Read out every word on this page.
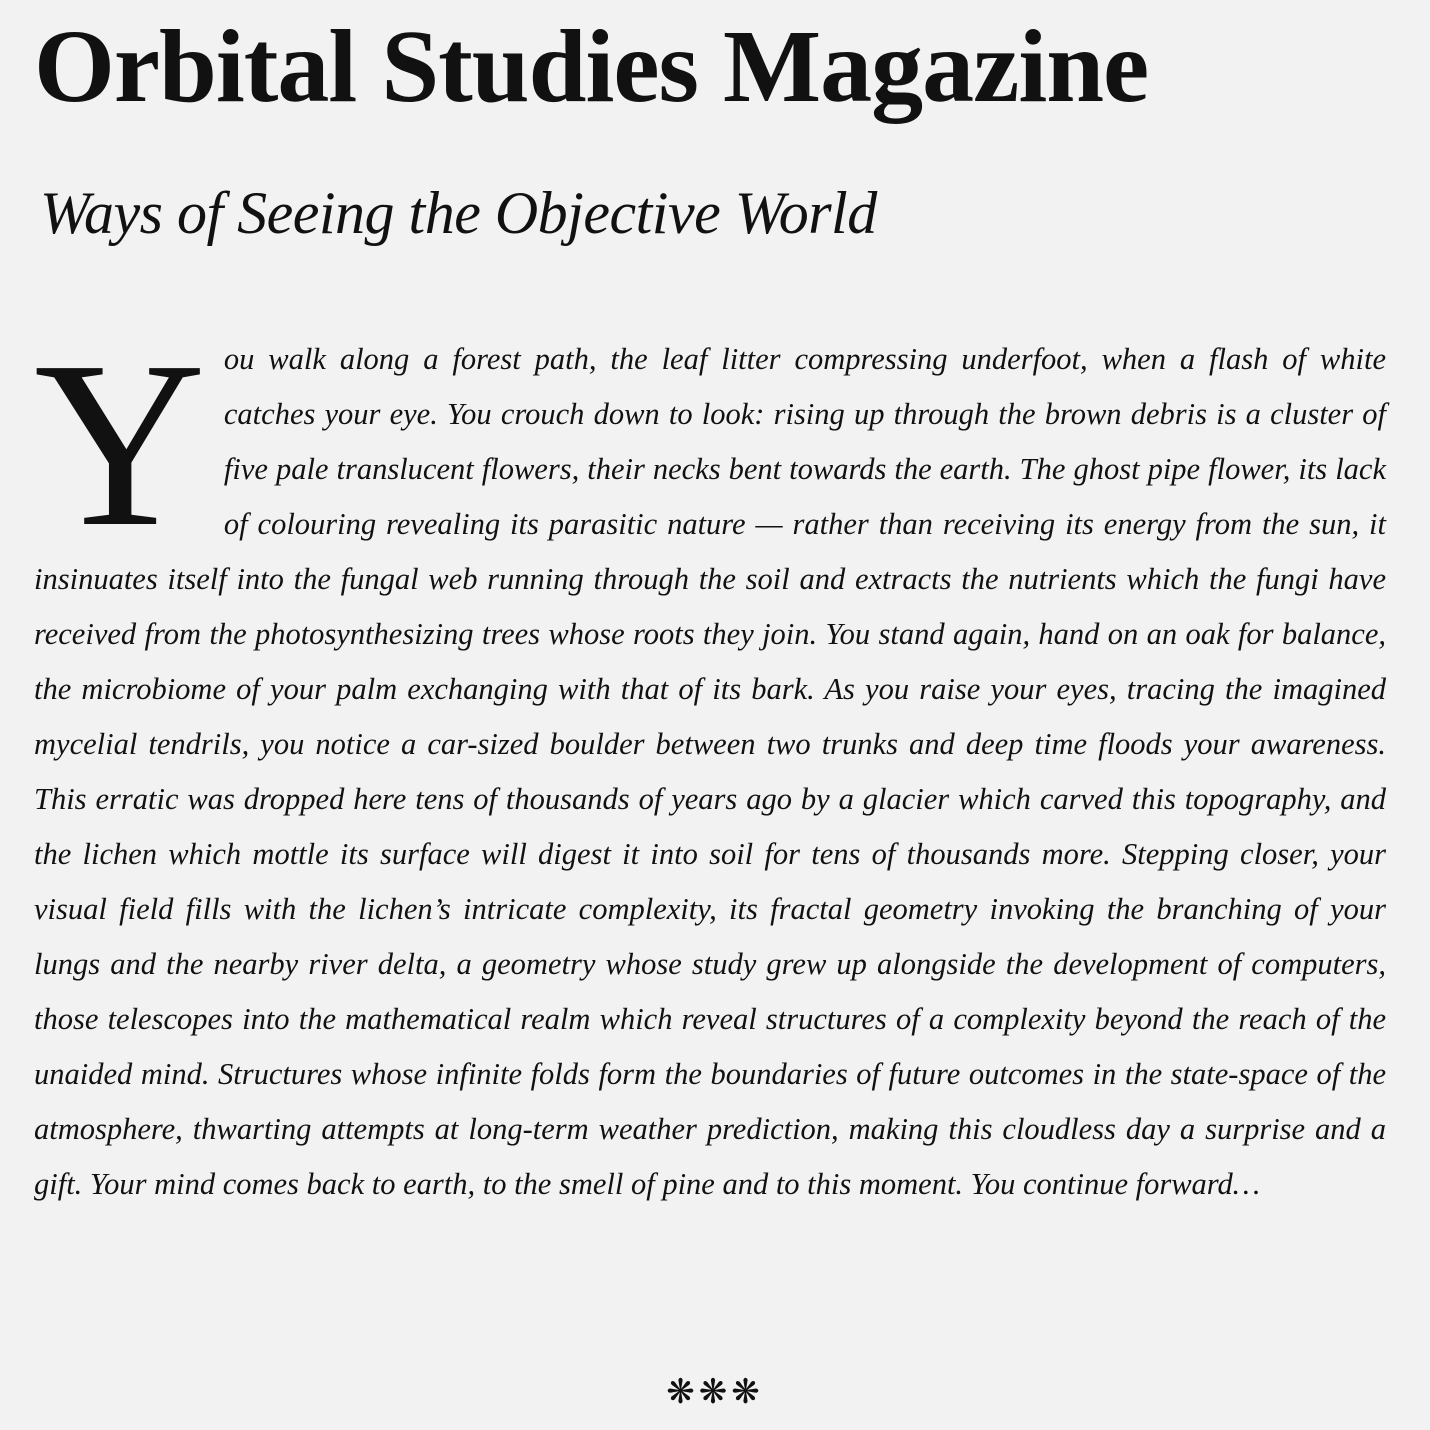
Orbital Studies Magazine
Ways of Seeing the Objective World

You walk along a forest path, the leaf litter compressing underfoot, when a flash of white catches your eye. You crouch down to look: rising up through the brown debris is a cluster of five pale translucent flowers, their necks bent towards the earth. The ghost pipe flower, its lack of colouring revealing its parasitic nature — rather than receiving its energy from the sun, it insinuates itself into the fungal web running through the soil and extracts the nutrients which the fungi have received from the photosynthesizing trees whose roots they join. You stand again, hand on an oak for balance, the microbiome of your palm exchanging with that of its bark. As you raise your eyes, tracing the imagined mycelial tendrils, you notice a car-sized boulder between two trunks and deep time floods your awareness. This erratic was dropped here tens of thousands of years ago by a glacier which carved this topography, and the lichen which mottle its surface will digest it into soil for tens of thousands more. Stepping closer, your visual field fills with the lichen’s intricate complexity, its fractal geometry invoking the branching of your lungs and the nearby river delta, a geometry whose study grew up alongside the development of computers, those telescopes into the mathematical realm which reveal structures of a complexity beyond the reach of the unaided mind. Structures whose infinite folds form the boundaries of future outcomes in the state-space of the atmosphere, thwarting attempts at long-term weather prediction, making this cloudless day a surprise and a gift. Your mind comes back to earth, to the smell of pine and to this moment. You continue forward…

❋❋❋
